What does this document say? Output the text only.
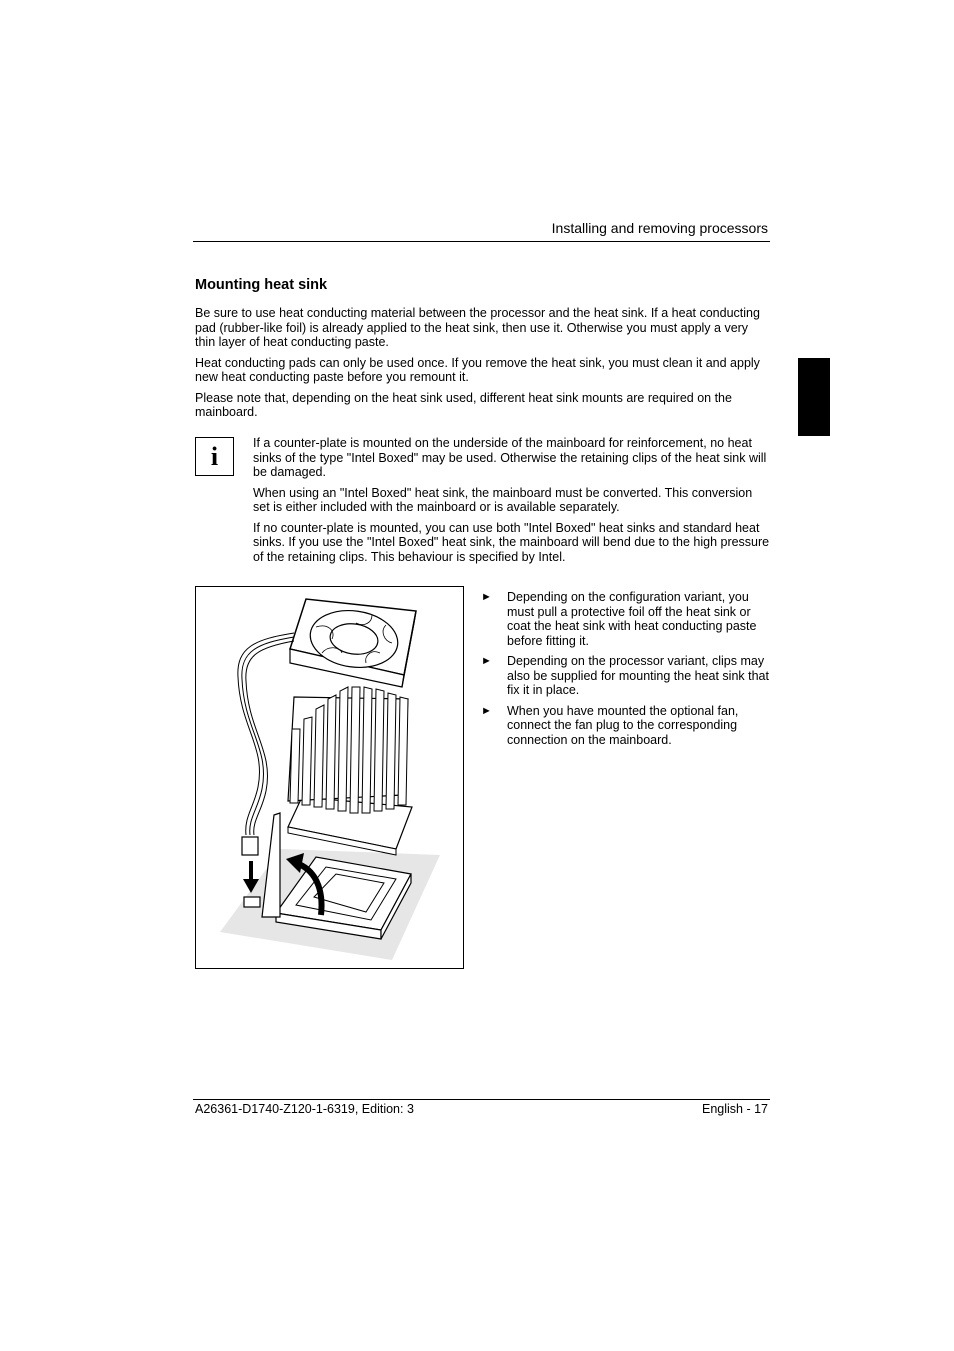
Installing and removing processors
Mounting heat sink

Be sure to use heat conducting material between the processor and the heat sink. If a heat conducting pad (rubber-like foil) is already applied to the heat sink, then use it. Otherwise you must apply a very thin layer of heat conducting paste.

Heat conducting pads can only be used once. If you remove the heat sink, you must clean it and apply new heat conducting paste before you remount it.

Please note that, depending on the heat sink used, different heat sink mounts are required on the mainboard.

i	If a counter-plate is mounted on the underside of the mainboard for reinforcement, no heat sinks of the type "Intel Boxed" may be used. Otherwise the retaining clips of the heat sink will be damaged.

When using an "Intel Boxed" heat sink, the mainboard must be converted. This conversion set is either included with the mainboard or is available separately.

If no counter-plate is mounted, you can use both "Intel Boxed" heat sinks and standard heat sinks. If you use the "Intel Boxed" heat sink, the mainboard will bend due to the high pressure of the retaining clips. This behaviour is specified by Intel.

► Depending on the configuration variant, you must pull a protective foil off the heat sink or coat the heat sink with heat conducting paste before fitting it.
► Depending on the processor variant, clips may also be supplied for mounting the heat sink that fix it in place.
► When you have mounted the optional fan, connect the fan plug to the corresponding connection on the mainboard.
A26361-D1740-Z120-1-6319, Edition: 3	English - 17
